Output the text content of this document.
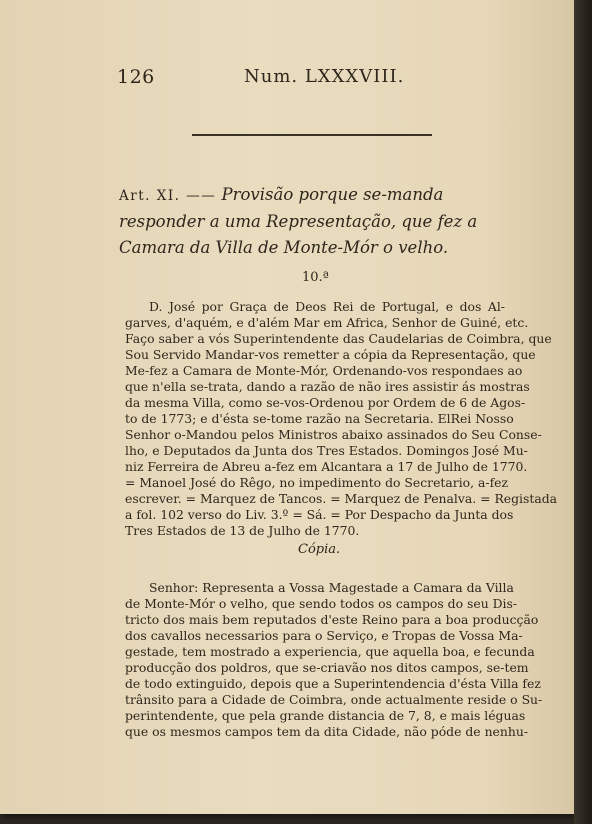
126	Num. LXXXVIII.
Art. XI. —— Provisão porque se-manda responder a uma Representação, que fez a Camara da Villa de Monte-Mór o velho.
10.ª
D. José por Graça de Deos Rei de Portugal, e dos Al-
garves, d'aquém, e d'além Mar em Africa, Senhor de Guiné, etc.
Faço saber a vós Superintendente das Caudelarias de Coimbra, que
Sou Servido Mandar-vos remetter a cópia da Representação, que
Me-fez a Camara de Monte-Mór, Ordenando-vos respondaes ao
que n'ella se-trata, dando a razão de não ires assistir ás mostras
da mesma Villa, como se-vos-Ordenou por Ordem de 6 de Agos-
to de 1773; e d'ésta se-tome razão na Secretaria. ElRei Nosso
Senhor o-Mandou pelos Ministros abaixo assinados do Seu Conse-
lho, e Deputados da Junta dos Tres Estados. Domingos José Mu-
niz Ferreira de Abreu a-fez em Alcantara a 17 de Julho de 1770.
= Manoel José do Rêgo, no impedimento do Secretario, a-fez
escrever. = Marquez de Tancos. = Marquez de Penalva. = Registada
a fol. 102 verso do Liv. 3.º = Sá. = Por Despacho da Junta dos
Tres Estados de 13 de Julho de 1770.
Cópia.
Senhor: Representa a Vossa Magestade a Camara da Villa
de Monte-Mór o velho, que sendo todos os campos do seu Dis-
tricto dos mais bem reputados d'este Reino para a boa producção
dos cavallos necessarios para o Serviço, e Tropas de Vossa Ma-
gestade, tem mostrado a experiencia, que aquella boa, e fecunda
producção dos poldros, que se-criavão nos ditos campos, se-tem
de todo extinguido, depois que a Superintendencia d'ésta Villa fez
trânsito para a Cidade de Coimbra, onde actualmente reside o Su-
perintendente, que pela grande distancia de 7, 8, e mais léguas
que os mesmos campos tem da dita Cidade, não póde de nenhu-
